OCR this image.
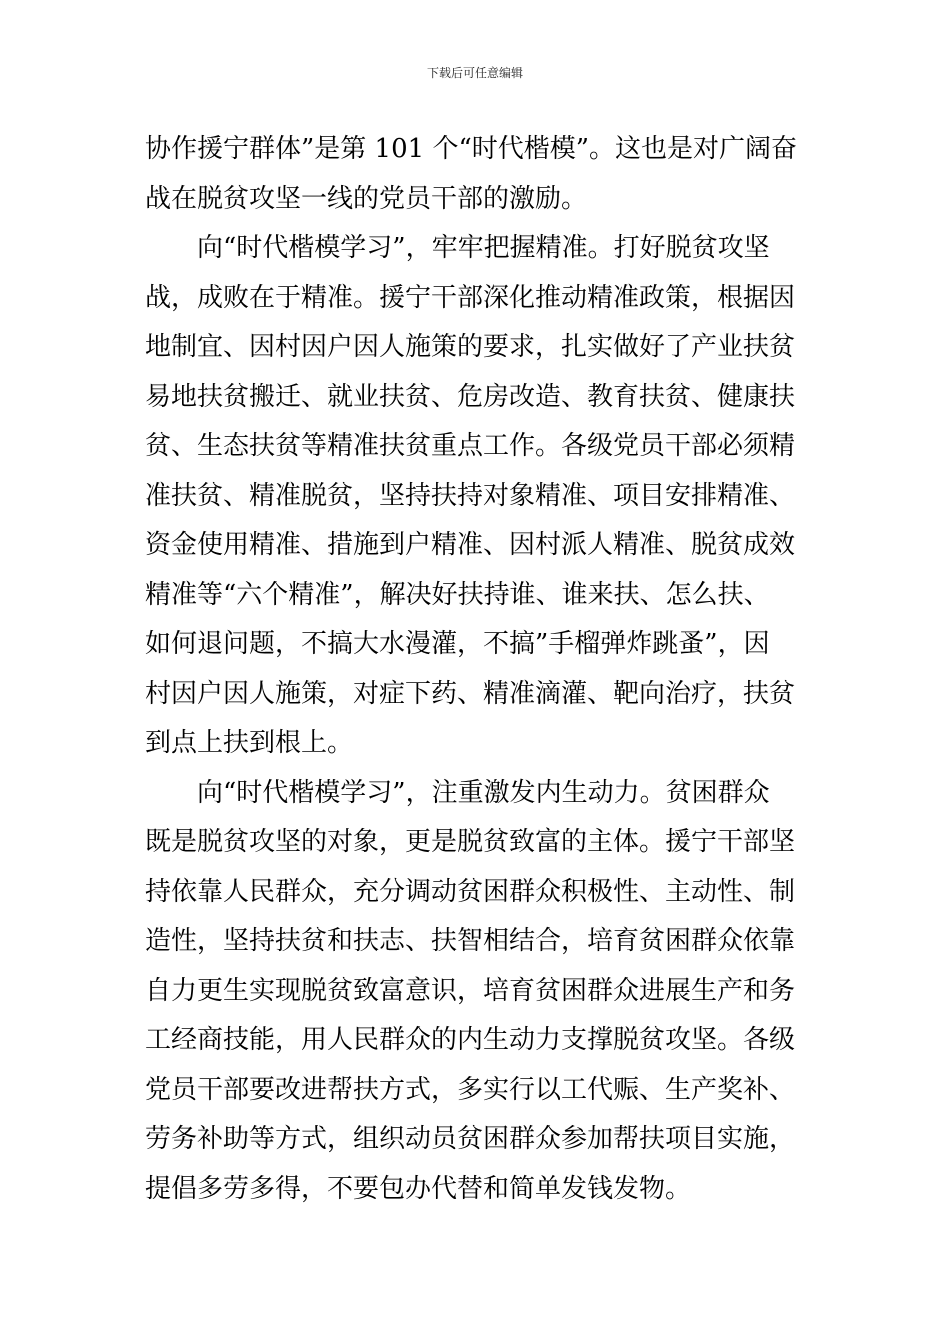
下载后可任意编辑
协作援宁群体”是第 101 个“时代楷模”。这也是对广阔奋
战在脱贫攻坚一线的党员干部的激励。
向“时代楷模学习”，牢牢把握精准。打好脱贫攻坚
战，成败在于精准。援宁干部深化推动精准政策，根据因
地制宜、因村因户因人施策的要求，扎实做好了产业扶贫
易地扶贫搬迁、就业扶贫、危房改造、教育扶贫、健康扶
贫、生态扶贫等精准扶贫重点工作。各级党员干部必须精
准扶贫、精准脱贫，坚持扶持对象精准、项目安排精准、
资金使用精准、措施到户精准、因村派人精准、脱贫成效
精准等“六个精准”，解决好扶持谁、谁来扶、怎么扶、
如何退问题，不搞大水漫灌，不搞”手榴弹炸跳蚤”，因
村因户因人施策，对症下药、精准滴灌、靶向治疗，扶贫
到点上扶到根上。
向“时代楷模学习”，注重激发内生动力。贫困群众
既是脱贫攻坚的对象，更是脱贫致富的主体。援宁干部坚
持依靠人民群众，充分调动贫困群众积极性、主动性、制
造性，坚持扶贫和扶志、扶智相结合，培育贫困群众依靠
自力更生实现脱贫致富意识，培育贫困群众进展生产和务
工经商技能，用人民群众的内生动力支撑脱贫攻坚。各级
党员干部要改进帮扶方式，多实行以工代赈、生产奖补、
劳务补助等方式，组织动员贫困群众参加帮扶项目实施，
提倡多劳多得，不要包办代替和简单发钱发物。
